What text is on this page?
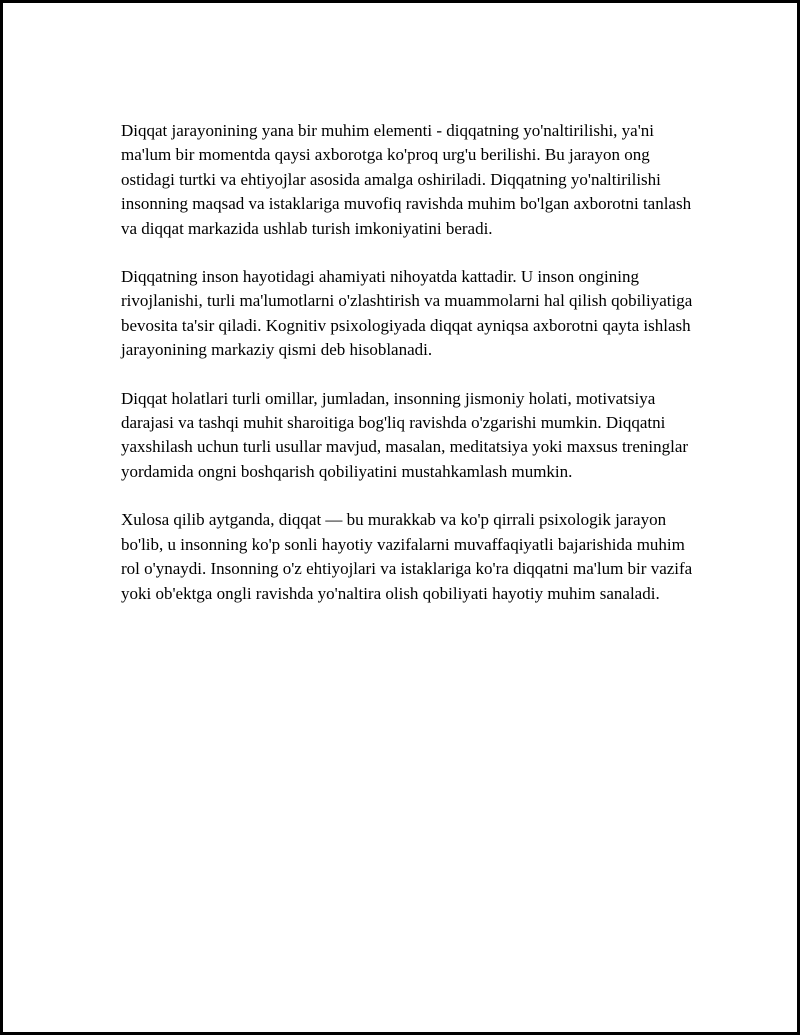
Diqqat jarayonining yana bir muhim elementi - diqqatning yo'naltirilishi, ya'ni ma'lum bir momentda qaysi axborotga ko'proq urg'u berilishi. Bu jarayon ong ostidagi turtki va ehtiyojlar asosida amalga oshiriladi. Diqqatning yo'naltirilishi insonning maqsad va istaklariga muvofiq ravishda muhim bo'lgan axborotni tanlash va diqqat markazida ushlab turish imkoniyatini beradi.

Diqqatning inson hayotidagi ahamiyati nihoyatda kattadir. U inson ongining rivojlanishi, turli ma'lumotlarni o'zlashtirish va muammolarni hal qilish qobiliyatiga bevosita ta'sir qiladi. Kognitiv psixologiyada diqqat ayniqsa axborotni qayta ishlash jarayonining markaziy qismi deb hisoblanadi.

Diqqat holatlari turli omillar, jumladan, insonning jismoniy holati, motivatsiya darajasi va tashqi muhit sharoitiga bog'liq ravishda o'zgarishi mumkin. Diqqatni yaxshilash uchun turli usullar mavjud, masalan, meditatsiya yoki maxsus treninglar yordamida ongni boshqarish qobiliyatini mustahkamlash mumkin.

Xulosa qilib aytganda, diqqat — bu murakkab va ko'p qirrali psixologik jarayon bo'lib, u insonning ko'p sonli hayotiy vazifalarni muvaffaqiyatli bajarishida muhim rol o'ynaydi. Insonning o'z ehtiyojlari va istaklariga ko'ra diqqatni ma'lum bir vazifa yoki ob'ektga ongli ravishda yo'naltira olish qobiliyati hayotiy muhim sanaladi.
